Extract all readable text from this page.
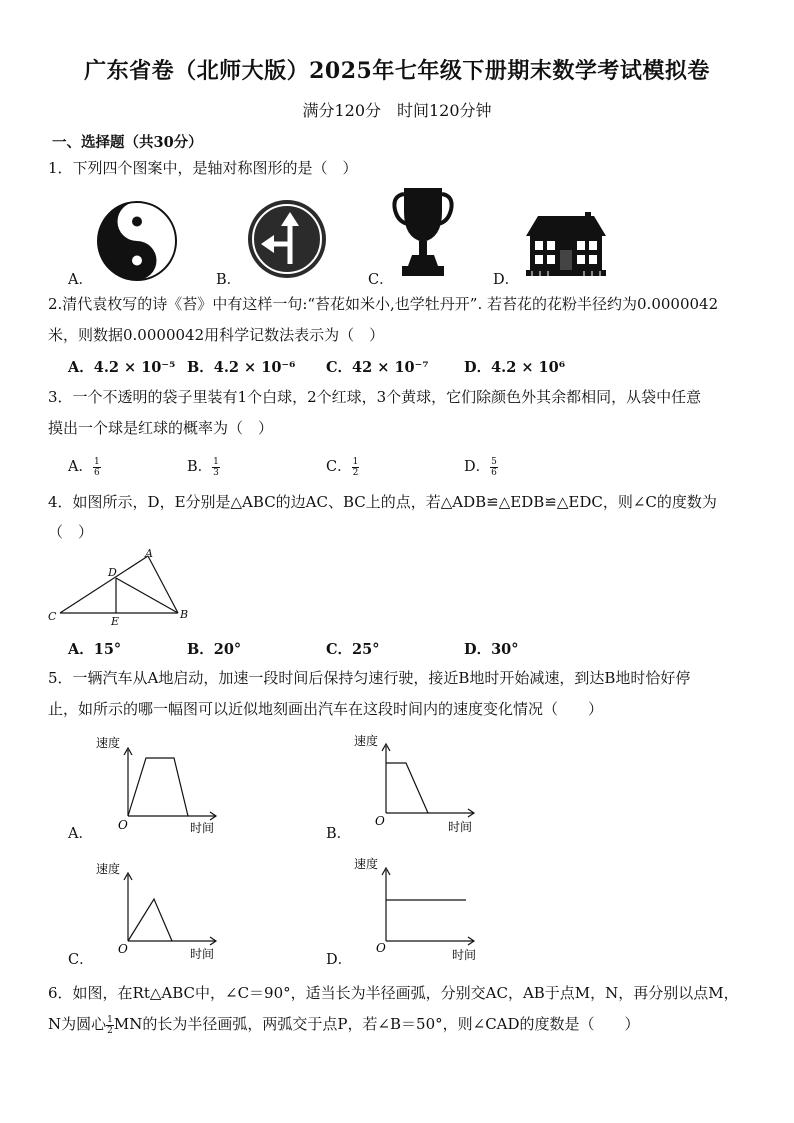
广东省卷（北师大版）2025年七年级下册期末数学考试模拟卷
满分120分　时间120分钟
一、选择题（共30分）
1．下列四个图案中，是轴对称图形的是（　）
A．	B．	C．	D．
2.清代袁枚写的诗《苔》中有这样一句:“苔花如米小,也学牡丹开”. 若苔花的花粉半径约为0.0000042
米，则数据0.0000042用科学记数法表示为（　）
A．4.2 × 10⁻⁵ B．4.2 × 10⁻⁶ C．42 × 10⁻⁷ D．4.2 × 10⁶
3．一个不透明的袋子里装有1个白球，2个红球，3个黄球，它们除颜色外其余都相同，从袋中任意
摸出一个球是红球的概率为（　）
A． $\frac{1}{6}$	B． $\frac{1}{3}$	C． $\frac{1}{2}$	D． $\frac{5}{6}$
4．如图所示，D，E分别是△ABC的边AC、BC上的点，若△ADB≌△EDB≌△EDC，则∠C的度数为
（　）
A
D
C	E
B
A．15°	B．20°	C．25°	D．30°
5．一辆汽车从A地启动，加速一段时间后保持匀速行驶，接近B地时开始减速，到达B地时恰好停
止，如所示的哪一幅图可以近似地刻画出汽车在这段时间内的速度变化情况（　　）
A．
速度
O	时间	B．
速度
O	时间
C．
速度
O	时间	D．
速度
O	时间
6．如图，在Rt△ABC中，∠C＝90°，适当长为半径画弧，分别交AC，AB于点M，N，再分别以点M，
N为圆心 $\frac{1}{2}$ MN的长为半径画弧，两弧交于点P，若∠B＝50°，则∠CAD的度数是（　　）
